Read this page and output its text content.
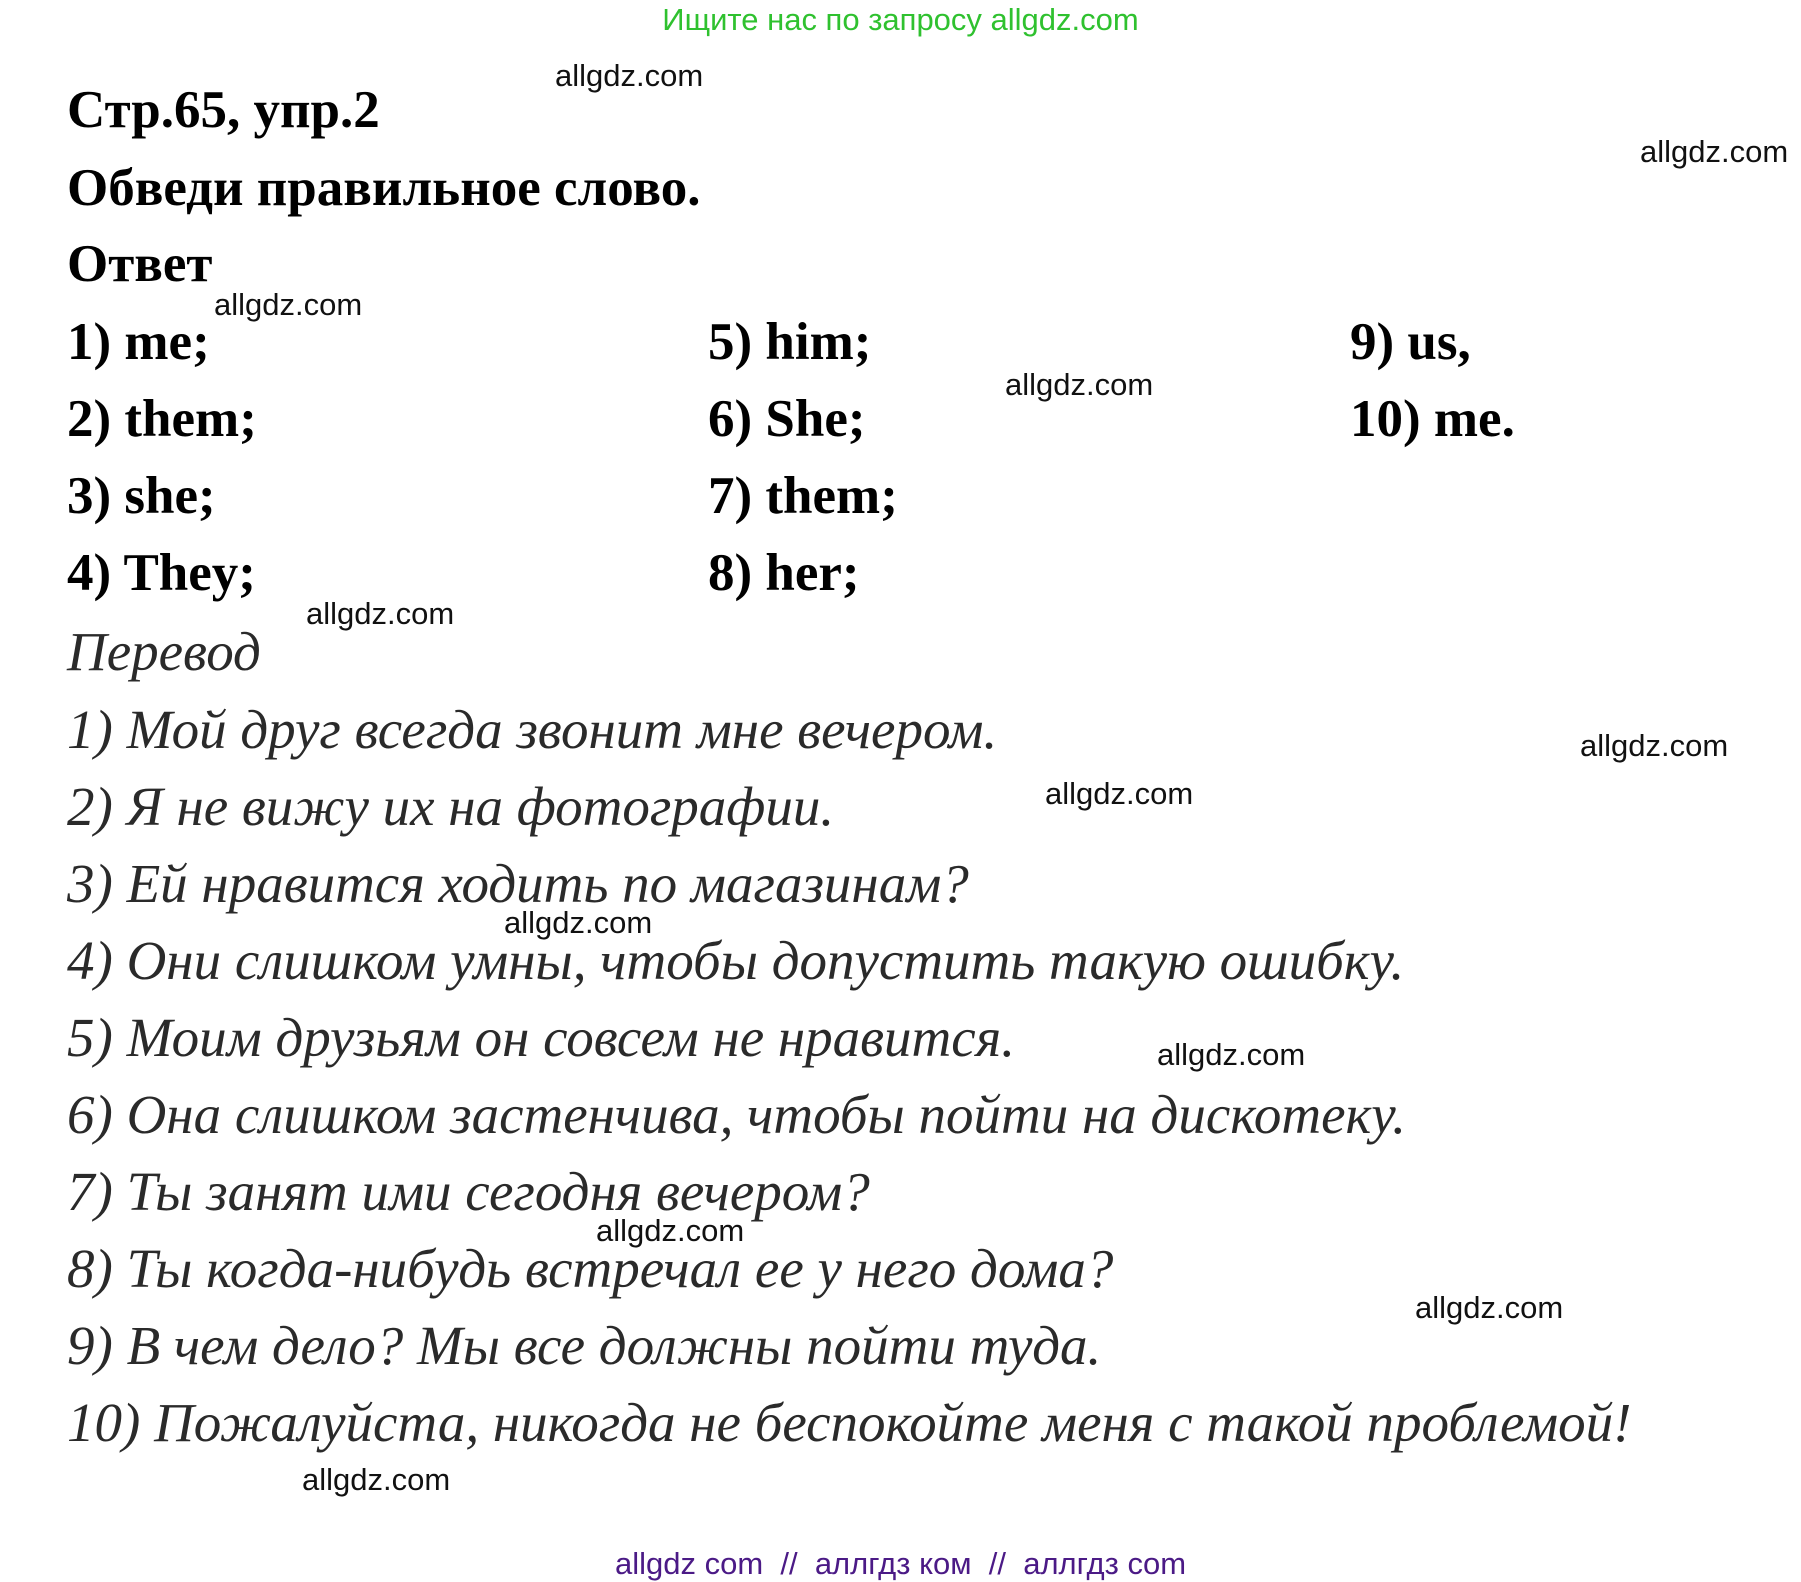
Ищите нас по запросу allgdz.com
Стр.65, упр.2
Обведи правильное слово.
Ответ
1) me;
2) them;
3) she;
4) They;
5) him;
6) She;
7) them;
8) her;
9) us,
10) me.
Перевод
1) Мой друг всегда звонит мне вечером.
2) Я не вижу их на фотографии.
3) Ей нравится ходить по магазинам?
4) Они слишком умны, чтобы допустить такую ошибку.
5) Моим друзьям он совсем не нравится.
6) Она слишком застенчива, чтобы пойти на дискотеку.
7) Ты занят ими сегодня вечером?
8) Ты когда-нибудь встречал ее у него дома?
9) В чем дело? Мы все должны пойти туда.
10) Пожалуйста, никогда не беспокойте меня с такой проблемой!
allgdz.com
allgdz.com
allgdz.com
allgdz.com
allgdz.com
allgdz.com
allgdz.com
allgdz.com
allgdz.com
allgdz.com
allgdz.com
allgdz.com
allgdz com  //  аллгдз ком  //  аллгдз com
